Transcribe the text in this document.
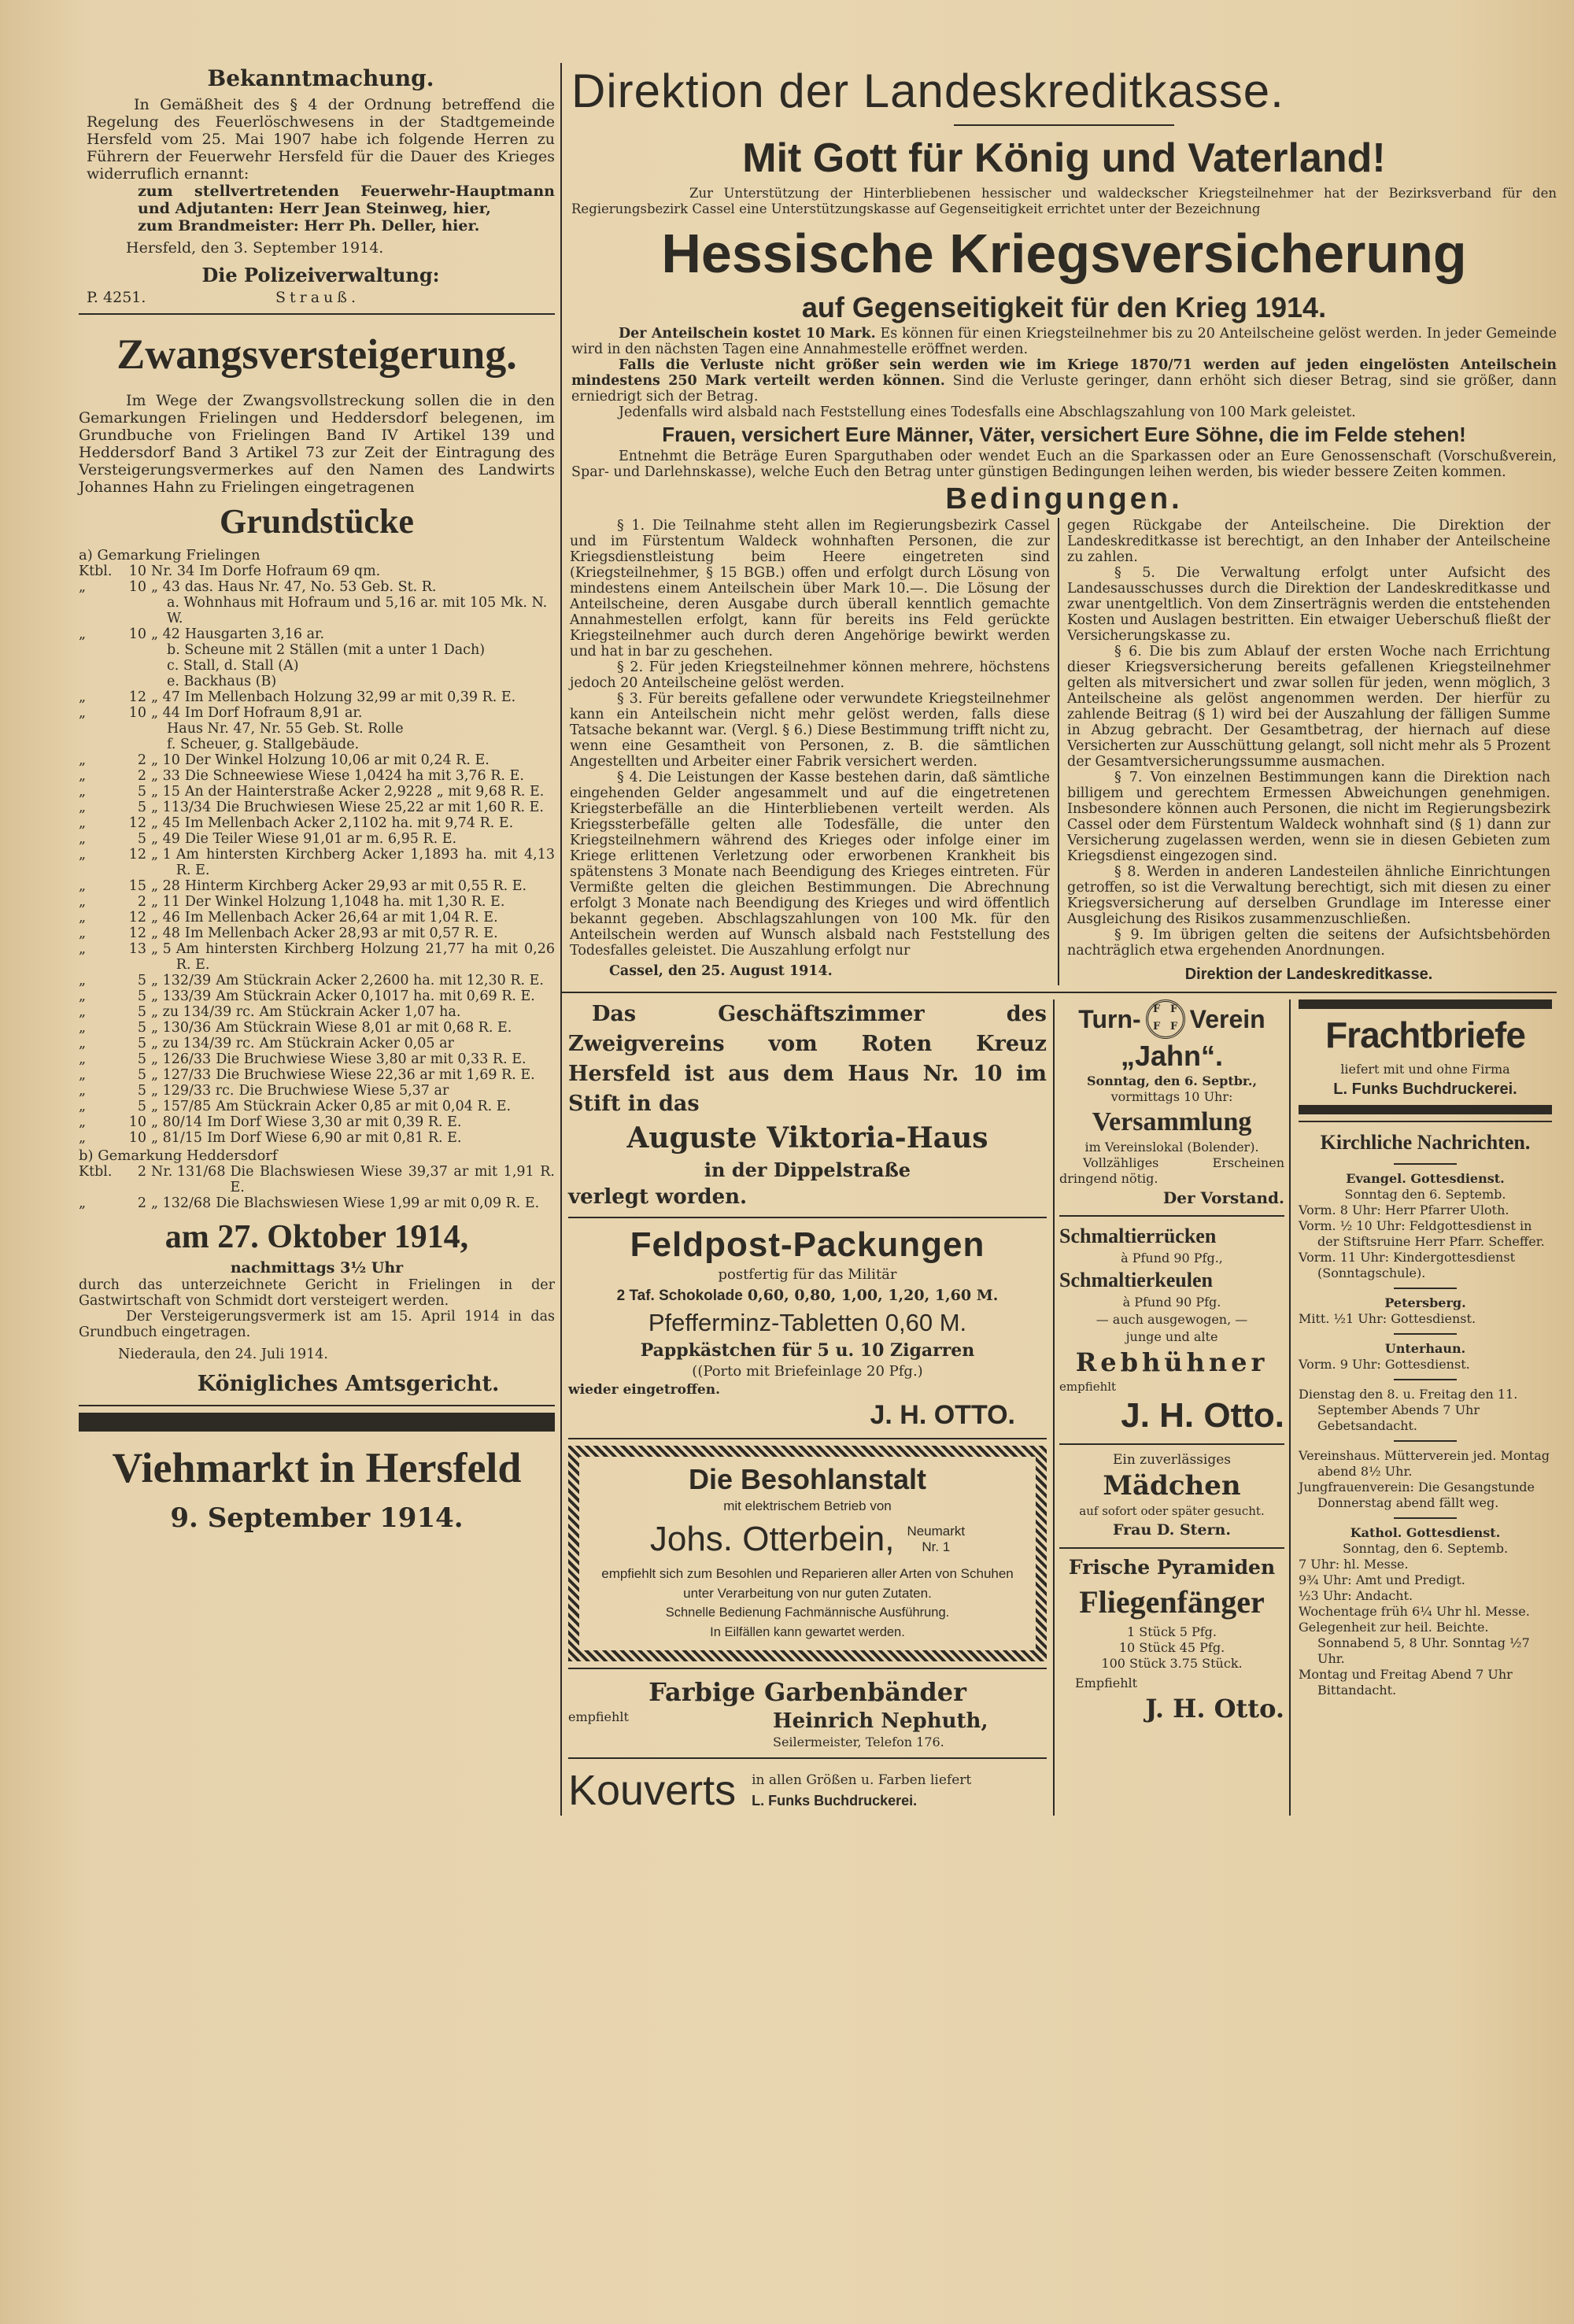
Bekanntmachung.

In Gemäßheit des § 4 der Ordnung betreffend die Regelung des Feuerlöschwesens in der Stadtgemeinde Hersfeld vom 25. Mai 1907 habe ich folgende Herren zu Führern der Feuerwehr Hersfeld für die Dauer des Krieges widerruflich ernannt:

zum stellvertretenden Feuerwehr-Hauptmann und Adjutanten: Herr Jean Steinweg, hier,

zum Brandmeister: Herr Ph. Deller, hier.

Hersfeld, den 3. September 1914.

Die Polizeiverwaltung:
P. 4251.	Strauß.
Zwangsversteigerung.

Im Wege der Zwangsvollstreckung sollen die in den Gemarkungen Frielingen und Heddersdorf belegenen, im Grundbuche von Frielingen Band IV Artikel 139 und Heddersdorf Band 3 Artikel 73 zur Zeit der Eintragung des Versteigerungsvermerkes auf den Namen des Landwirts Johannes Hahn zu Frielingen eingetragenen

Grundstücke
a) Gemarkung Frielingen
Ktbl.	10 Nr. 34 Im Dorfe Hofraum 69 qm.
„	10 „ 43 das. Haus Nr. 47, No. 53 Geb. St. R.
a. Wohnhaus mit Hofraum und 5,16 ar. mit 105 Mk. N. W.
„	10 „ 42 Hausgarten 3,16 ar.
b. Scheune mit 2 Ställen (mit a unter 1 Dach)
c. Stall, d. Stall (A)
e. Backhaus (B)
„	12 „ 47 Im Mellenbach Holzung 32,99 ar mit 0,39 R. E.
„	10 „ 44 Im Dorf Hofraum 8,91 ar.
Haus Nr. 47, Nr. 55 Geb. St. Rolle
f. Scheuer, g. Stallgebäude.
„	2 „ 10 Der Winkel Holzung 10,06 ar mit 0,24 R. E.
„	2 „ 33 Die Schneewiese Wiese 1,0424 ha mit 3,76 R. E.
„	5 „ 15 An der Hainterstraße Acker 2,9228 „ mit 9,68 R. E.
„	5 „ 113/34 Die Bruchwiesen Wiese 25,22 ar mit 1,60 R. E.
„	12 „ 45 Im Mellenbach Acker 2,1102 ha. mit 9,74 R. E.
„	5 „ 49 Die Teiler Wiese 91,01 ar m. 6,95 R. E.
„	12 „ 1 Am hintersten Kirchberg Acker 1,1893 ha. mit 4,13 R. E.
„	15 „ 28 Hinterm Kirchberg Acker 29,93 ar mit 0,55 R. E.
„	2 „ 11 Der Winkel Holzung 1,1048 ha. mit 1,30 R. E.
„	12 „ 46 Im Mellenbach Acker 26,64 ar mit 1,04 R. E.
„	12 „ 48 Im Mellenbach Acker 28,93 ar mit 0,57 R. E.
„	13 „ 5 Am hintersten Kirchberg Holzung 21,77 ha mit 0,26 R. E.
„	5 „ 132/39 Am Stückrain Acker 2,2600 ha. mit 12,30 R. E.
„	5 „ 133/39 Am Stückrain Acker 0,1017 ha. mit 0,69 R. E.
„	5 „ zu 134/39 rc. Am Stückrain Acker 1,07 ha.
„	5 „ 130/36 Am Stückrain Wiese 8,01 ar mit 0,68 R. E.
„	5 „ zu 134/39 rc. Am Stückrain Acker 0,05 ar
„	5 „ 126/33 Die Bruchwiese Wiese 3,80 ar mit 0,33 R. E.
„	5 „ 127/33 Die Bruchwiese Wiese 22,36 ar mit 1,69 R. E.
„	5 „ 129/33 rc. Die Bruchwiese Wiese 5,37 ar
„	5 „ 157/85 Am Stückrain Acker 0,85 ar mit 0,04 R. E.
„	10 „ 80/14 Im Dorf Wiese 3,30 ar mit 0,39 R. E.
„	10 „ 81/15 Im Dorf Wiese 6,90 ar mit 0,81 R. E.
b) Gemarkung Heddersdorf
Ktbl.	2 Nr. 131/68 Die Blachswiesen Wiese 39,37 ar mit 1,91 R. E.
„	2 „ 132/68 Die Blachswiesen Wiese 1,99 ar mit 0,09 R. E.
am 27. Oktober 1914,
nachmittags 3½ Uhr

durch das unterzeichnete Gericht in Frielingen in der Gastwirtschaft von Schmidt dort versteigert werden.

Der Versteigerungsvermerk ist am 15. April 1914 in das Grundbuch eingetragen.

Niederaula, den 24. Juli 1914.

Königliches Amtsgericht.
Viehmarkt in Hersfeld
9. September 1914.
Direktion der Landeskreditkasse.
Mit Gott für König und Vaterland!

Zur Unterstützung der Hinterbliebenen hessischer und waldeckscher Kriegsteilnehmer hat der Bezirksverband für den Regierungsbezirk Cassel eine Unterstützungskasse auf Gegenseitigkeit errichtet unter der Bezeichnung

Hessische Kriegsversicherung
auf Gegenseitigkeit für den Krieg 1914.

Der Anteilschein kostet 10 Mark. Es können für einen Kriegsteilnehmer bis zu 20 Anteilscheine gelöst werden. In jeder Gemeinde wird in den nächsten Tagen eine Annahmestelle eröffnet werden.

Falls die Verluste nicht größer sein werden wie im Kriege 1870/71 werden auf jeden eingelösten Anteilschein mindestens 250 Mark verteilt werden können. Sind die Verluste geringer, dann erhöht sich dieser Betrag, sind sie größer, dann erniedrigt sich der Betrag.

Jedenfalls wird alsbald nach Feststellung eines Todesfalls eine Abschlagszahlung von 100 Mark geleistet.

Frauen, versichert Eure Männer, Väter, versichert Eure Söhne, die im Felde stehen!

Entnehmt die Beträge Euren Sparguthaben oder wendet Euch an die Sparkassen oder an Eure Genossenschaft (Vorschußverein, Spar- und Darlehnskasse), welche Euch den Betrag unter günstigen Bedingungen leihen werden, bis wieder bessere Zeiten kommen.

Bedingungen.

§ 1. Die Teilnahme steht allen im Regierungsbezirk Cassel und im Fürstentum Waldeck wohnhaften Personen, die zur Kriegsdienstleistung beim Heere eingetreten sind (Kriegsteilnehmer, § 15 BGB.) offen und erfolgt durch Lösung von mindestens einem Anteilschein über Mark 10.—. Die Lösung der Anteilscheine, deren Ausgabe durch überall kenntlich gemachte Annahmestellen erfolgt, kann für bereits ins Feld gerückte Kriegsteilnehmer auch durch deren Angehörige bewirkt werden und hat in bar zu geschehen.

§ 2. Für jeden Kriegsteilnehmer können mehrere, höchstens jedoch 20 Anteilscheine gelöst werden.

§ 3. Für bereits gefallene oder verwundete Kriegsteilnehmer kann ein Anteilschein nicht mehr gelöst werden, falls diese Tatsache bekannt war. (Vergl. § 6.) Diese Bestimmung trifft nicht zu, wenn eine Gesamtheit von Personen, z. B. die sämtlichen Angestellten und Arbeiter einer Fabrik versichert werden.

§ 4. Die Leistungen der Kasse bestehen darin, daß sämtliche eingehenden Gelder angesammelt und auf die eingetretenen Kriegsterbefälle an die Hinterbliebenen verteilt werden. Als Kriegssterbefälle gelten alle Todesfälle, die unter den Kriegsteilnehmern während des Krieges oder infolge einer im Kriege erlittenen Verletzung oder erworbenen Krankheit bis spätenstens 3 Monate nach Beendigung des Krieges eintreten. Für Vermißte gelten die gleichen Bestimmungen. Die Abrechnung erfolgt 3 Monate nach Beendigung des Krieges und wird öffentlich bekannt gegeben. Abschlagszahlungen von 100 Mk. für den Anteilschein werden auf Wunsch alsbald nach Feststellung des Todesfalles geleistet. Die Auszahlung erfolgt nur

Cassel, den 25. August 1914.

gegen Rückgabe der Anteilscheine. Die Direktion der Landeskreditkasse ist berechtigt, an den Inhaber der Anteilscheine zu zahlen.

§ 5. Die Verwaltung erfolgt unter Aufsicht des Landesausschusses durch die Direktion der Landeskreditkasse und zwar unentgeltlich. Von dem Zinserträgnis werden die entstehenden Kosten und Auslagen bestritten. Ein etwaiger Ueberschuß fließt der Versicherungskasse zu.

§ 6. Die bis zum Ablauf der ersten Woche nach Errichtung dieser Kriegsversicherung bereits gefallenen Kriegsteilnehmer gelten als mitversichert und zwar sollen für jeden, wenn möglich, 3 Anteilscheine als gelöst angenommen werden. Der hierfür zu zahlende Beitrag (§ 1) wird bei der Auszahlung der fälligen Summe in Abzug gebracht. Der Gesamtbetrag, der hiernach auf diese Versicherten zur Ausschüttung gelangt, soll nicht mehr als 5 Prozent der Gesamtversicherungssumme ausmachen.

§ 7. Von einzelnen Bestimmungen kann die Direktion nach billigem und gerechtem Ermessen Abweichungen genehmigen. Insbesondere können auch Personen, die nicht im Regierungsbezirk Cassel oder dem Fürstentum Waldeck wohnhaft sind (§ 1) dann zur Versicherung zugelassen werden, wenn sie in diesen Gebieten zum Kriegsdienst eingezogen sind.

§ 8. Werden in anderen Landesteilen ähnliche Einrichtungen getroffen, so ist die Verwaltung berechtigt, sich mit diesen zu einer Kriegsversicherung auf derselben Grundlage im Interesse einer Ausgleichung des Risikos zusammenzuschließen.

§ 9. Im übrigen gelten die seitens der Aufsichtsbehörden nachträglich etwa ergehenden Anordnungen.

Direktion der Landeskreditkasse.

Das Geschäftszimmer des Zweigvereins vom Roten Kreuz Hersfeld ist aus dem Haus Nr. 10 im Stift in das

Auguste Viktoria-Haus
in der Dippelstraße
verlegt worden.
Feldpost-Packungen
postfertig für das Militär
2 Taf. Schokolade 0,60, 0,80, 1,00, 1,20, 1,60 M.
Pfefferminz-Tabletten 0,60 M.
Pappkästchen für 5 u. 10 Zigarren
((Porto mit Briefeinlage 20 Pfg.)
wieder eingetroffen.
J. H. OTTO.
Die Besohlanstalt
mit elektrischem Betrieb von
Johs. Otterbein, Neumarkt
Nr. 1

empfiehlt sich zum Besohlen und Reparieren aller Arten von Schuhen unter Verarbeitung von nur guten Zutaten.

Schnelle Bedienung Fachmännische Ausführung.

In Eilfällen kann gewartet werden.

Farbige Garbenbänder
empfiehlt	Heinrich Nephuth,
Seilermeister, Telefon 176.
Kouverts in allen Größen u. Farben liefert
L. Funks Buchdruckerei.
Turn-	F F
F F Verein
„Jahn“.
Sonntag, den 6. Septbr.,
vormittags 10 Uhr:
Versammlung
im Vereinslokal (Bolender).

Vollzähliges Erscheinen dringend nötig.

Der Vorstand.
Schmaltierrücken
à Pfund 90 Pfg.,
Schmaltierkeulen
à Pfund 90 Pfg.
— auch ausgewogen, —
junge und alte
Rebhühner
empfiehlt
J. H. Otto.
Ein zuverlässiges
Mädchen
auf sofort oder später gesucht.
Frau D. Stern.
Frische Pyramiden
Fliegenfänger
1 Stück 5 Pfg.
10 Stück 45 Pfg.
100 Stück 3.75 Stück.
Empfiehlt
J. H. Otto.
Frachtbriefe
liefert mit und ohne Firma
L. Funks Buchdruckerei.
Kirchliche Nachrichten.
Evangel. Gottesdienst.
Sonntag den 6. Septemb.
Vorm. 8 Uhr: Herr Pfarrer Uloth.
Vorm. ½ 10 Uhr: Feldgottesdienst in der Stiftsruine Herr Pfarr. Scheffer.
Vorm. 11 Uhr: Kindergottesdienst (Sonntagschule).
Petersberg.
Mitt. ½1 Uhr: Gottesdienst.
Unterhaun.
Vorm. 9 Uhr: Gottesdienst.
Dienstag den 8. u. Freitag den 11. September Abends 7 Uhr Gebetsandacht.
Vereinshaus. Mütterverein jed. Montag abend 8½ Uhr.
Jungfrauenverein: Die Gesangstunde Donnerstag abend fällt weg.
Kathol. Gottesdienst.
Sonntag, den 6. Septemb.
7 Uhr: hl. Messe.
9¾ Uhr: Amt und Predigt.
½3 Uhr: Andacht.
Wochentage früh 6¼ Uhr hl. Messe.
Gelegenheit zur heil. Beichte. Sonnabend 5, 8 Uhr. Sonntag ½7 Uhr.
Montag und Freitag Abend 7 Uhr Bittandacht.
